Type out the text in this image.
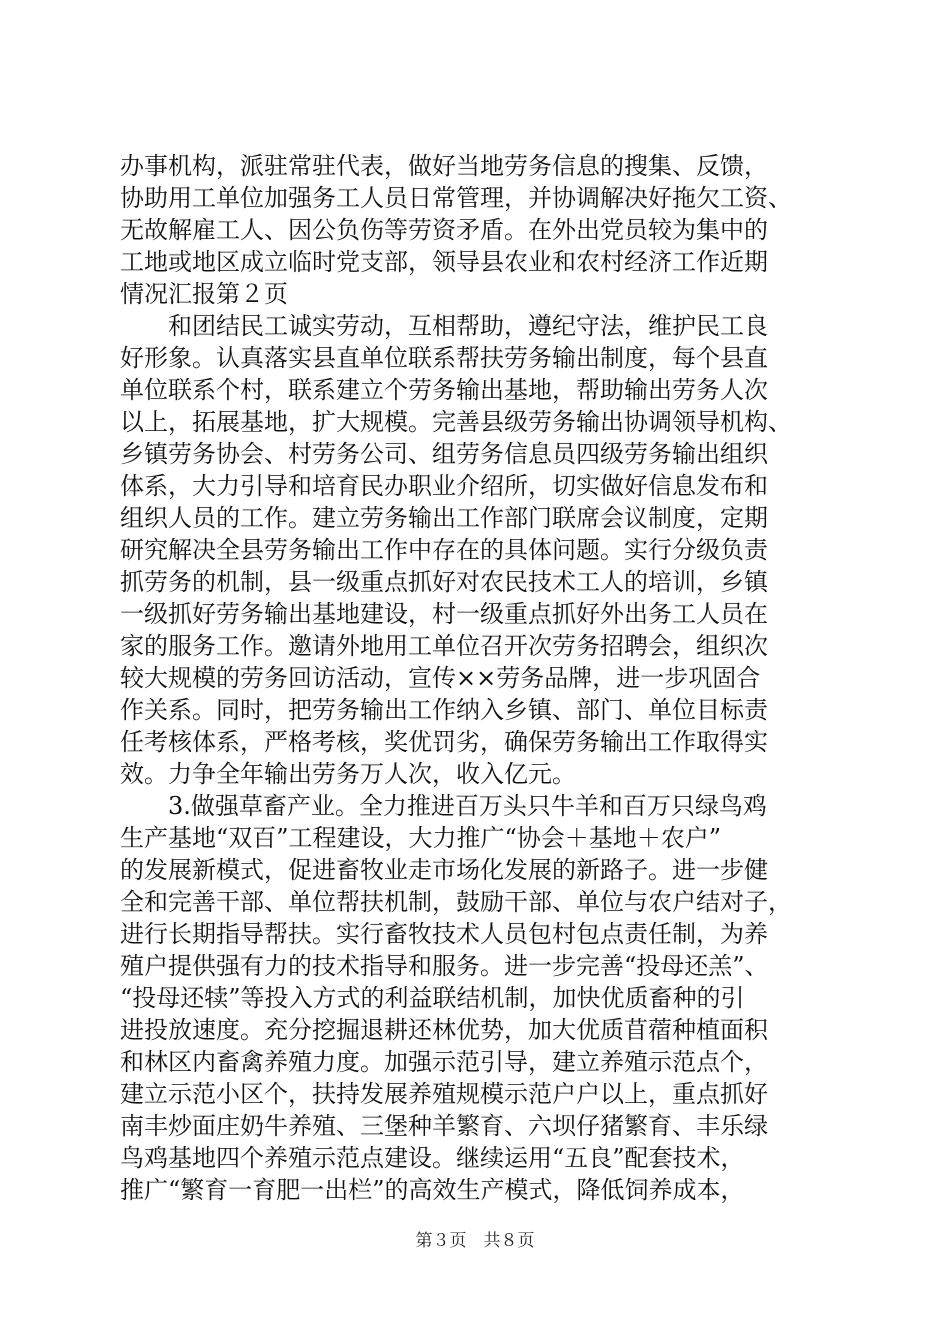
办事机构，派驻常驻代表，做好当地劳务信息的搜集、反馈，
协助用工单位加强务工人员日常管理，并协调解决好拖欠工资、
无故解雇工人、因公负伤等劳资矛盾。在外出党员较为集中的
工地或地区成立临时党支部，领导县农业和农村经济工作近期
情况汇报第２页
　　和团结民工诚实劳动，互相帮助，遵纪守法，维护民工良
好形象。认真落实县直单位联系帮扶劳务输出制度，每个县直
单位联系个村，联系建立个劳务输出基地，帮助输出劳务人次
以上，拓展基地，扩大规模。完善县级劳务输出协调领导机构、
乡镇劳务协会、村劳务公司、组劳务信息员四级劳务输出组织
体系，大力引导和培育民办职业介绍所，切实做好信息发布和
组织人员的工作。建立劳务输出工作部门联席会议制度，定期
研究解决全县劳务输出工作中存在的具体问题。实行分级负责
抓劳务的机制，县一级重点抓好对农民技术工人的培训，乡镇
一级抓好劳务输出基地建设，村一级重点抓好外出务工人员在
家的服务工作。邀请外地用工单位召开次劳务招聘会，组织次
较大规模的劳务回访活动，宣传××劳务品牌，进一步巩固合
作关系。同时，把劳务输出工作纳入乡镇、部门、单位目标责
任考核体系，严格考核，奖优罚劣，确保劳务输出工作取得实
效。力争全年输出劳务万人次，收入亿元。
　　3.做强草畜产业。全力推进百万头只牛羊和百万只绿鸟鸡
生产基地“双百”工程建设，大力推广“协会＋基地＋农户”
的发展新模式，促进畜牧业走市场化发展的新路子。进一步健
全和完善干部、单位帮扶机制，鼓励干部、单位与农户结对子，
进行长期指导帮扶。实行畜牧技术人员包村包点责任制，为养
殖户提供强有力的技术指导和服务。进一步完善“投母还羔”、
“投母还犊”等投入方式的利益联结机制，加快优质畜种的引
进投放速度。充分挖掘退耕还林优势，加大优质苜蓿种植面积
和林区内畜禽养殖力度。加强示范引导，建立养殖示范点个，
建立示范小区个，扶持发展养殖规模示范户户以上，重点抓好
南丰炒面庄奶牛养殖、三堡种羊繁育、六坝仔猪繁育、丰乐绿
鸟鸡基地四个养殖示范点建设。继续运用“五良”配套技术，
推广“繁育一育肥一出栏”的高效生产模式，降低饲养成本，
第３页　共８页
